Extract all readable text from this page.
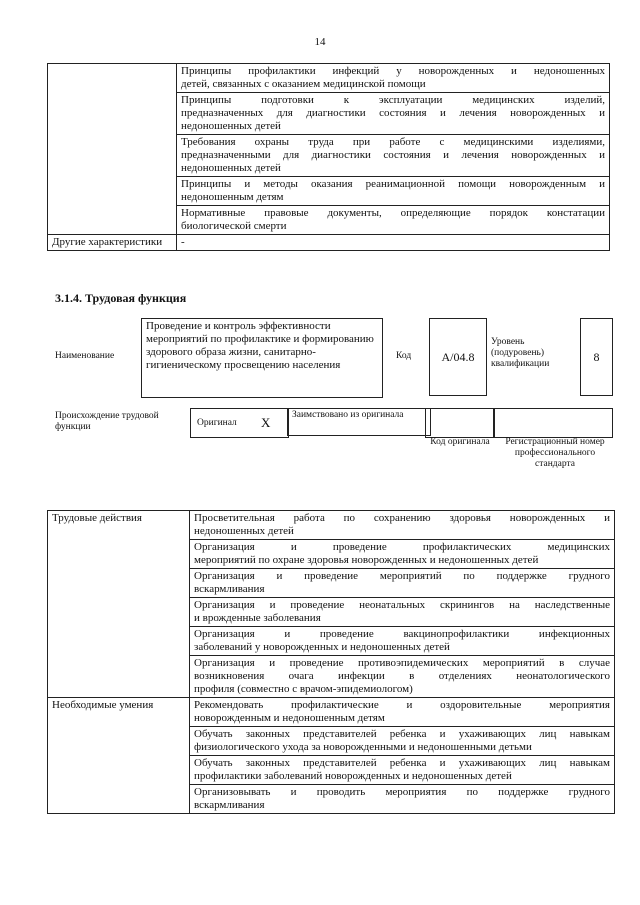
14

	Принципы профилактики инфекций у новорожденных и недоношенных
детей, связанных с оказанием медицинской помощи

	Принципы подготовки к эксплуатации медицинских изделий,
предназначенных для диагностики состояния и лечения новорожденных и
недоношенных детей

	Требования охраны труда при работе с медицинскими изделиями,
предназначенными для диагностики состояния и лечения новорожденных и
недоношенных детей

	Принципы и методы оказания реанимационной помощи новорожденным и
недоношенным детям

	Нормативные правовые документы, определяющие порядок констатации
биологической смерти

Другие характеристики	-
3.1.4. Трудовая функция
Наименование
Проведение и контроль эффективности мероприятий по профилактике и формированию здорового образа жизни, санитарно-гигиеническому просвещению населения
Код	A/04.8
Уровень (подуровень) квалификации
8
Происхождение трудовой функции	Оригинал X	Заимствовано из оригинала
Код оригинала	Регистрационный номер профессионального стандарта
Трудовые действия	Просветительная работа по сохранению здоровья новорожденных и
недоношенных детей

	Организация и проведение профилактических медицинских
мероприятий по охране здоровья новорожденных и недоношенных детей

	Организация и проведение мероприятий по поддержке грудного
вскармливания

	Организация и проведение неонатальных скринингов на наследственные
и врожденные заболевания

	Организация и проведение вакцинопрофилактики инфекционных
заболеваний у новорожденных и недоношенных детей

	Организация и проведение противоэпидемических мероприятий в случае
возникновения очага инфекции в отделениях неонатологического
профиля (совместно с врачом-эпидемиологом)

Необходимые умения	Рекомендовать профилактические и оздоровительные мероприятия
новорожденным и недоношенным детям

	Обучать законных представителей ребенка и ухаживающих лиц навыкам
физиологического ухода за новорожденными и недоношенными детьми

	Обучать законных представителей ребенка и ухаживающих лиц навыкам
профилактики заболеваний новорожденных и недоношенных детей

	Организовывать и проводить мероприятия по поддержке грудного
вскармливания
